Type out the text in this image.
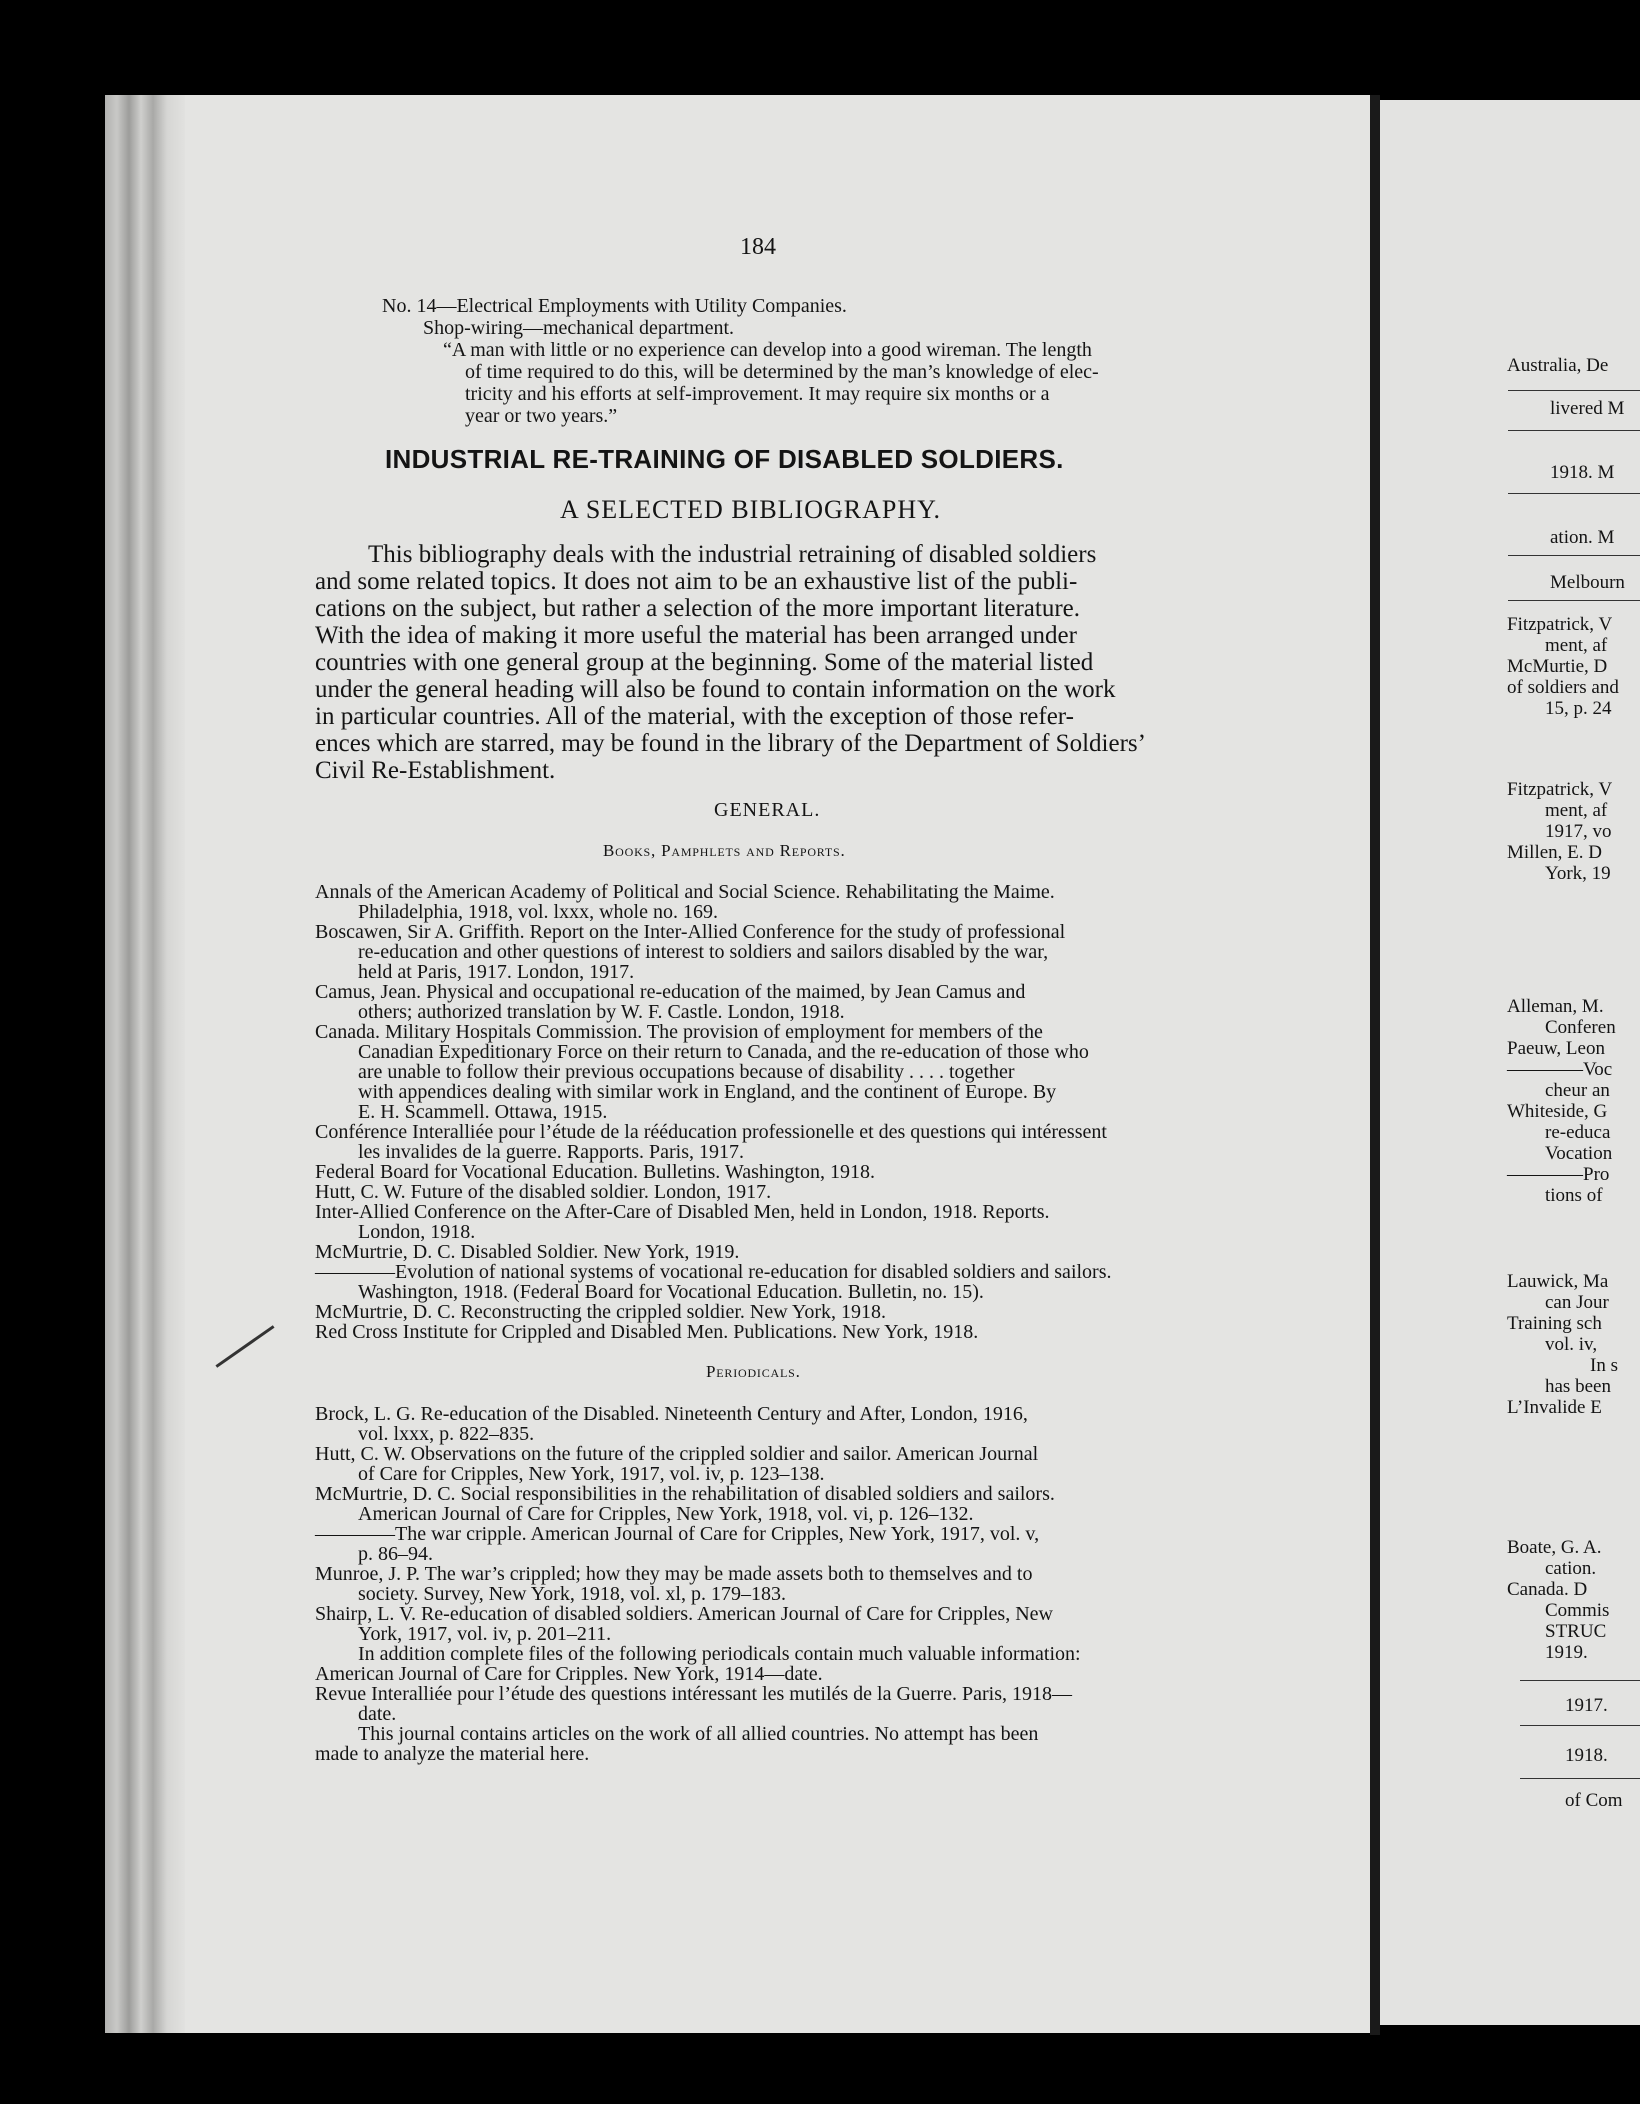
184
No. 14—Electrical Employments with Utility Companies.
Shop-wiring—mechanical department.
“A man with little or no experience can develop into a good wireman. The length
of time required to do this, will be determined by the man’s knowledge of elec-
tricity and his efforts at self-improvement. It may require six months or a
year or two years.”
INDUSTRIAL RE-TRAINING OF DISABLED SOLDIERS.
A SELECTED BIBLIOGRAPHY.
This bibliography deals with the industrial retraining of disabled soldiers
and some related topics. It does not aim to be an exhaustive list of the publi-
cations on the subject, but rather a selection of the more important literature.
With the idea of making it more useful the material has been arranged under
countries with one general group at the beginning. Some of the material listed
under the general heading will also be found to contain information on the work
in particular countries. All of the material, with the exception of those refer-
ences which are starred, may be found in the library of the Department of Soldiers’
Civil Re-Establishment.
GENERAL.
Books, Pamphlets and Reports.
Annals of the American Academy of Political and Social Science. Rehabilitating the Maime.
Philadelphia, 1918, vol. lxxx, whole no. 169.
Boscawen, Sir A. Griffith. Report on the Inter-Allied Conference for the study of professional
re-education and other questions of interest to soldiers and sailors disabled by the war,
held at Paris, 1917. London, 1917.
Camus, Jean. Physical and occupational re-education of the maimed, by Jean Camus and
others; authorized translation by W. F. Castle. London, 1918.
Canada. Military Hospitals Commission. The provision of employment for members of the
Canadian Expeditionary Force on their return to Canada, and the re-education of those who
are unable to follow their previous occupations because of disability . . . . together
with appendices dealing with similar work in England, and the continent of Europe. By
E. H. Scammell. Ottawa, 1915.
Conférence Interalliée pour l’étude de la rééducation professionelle et des questions qui intéressent
les invalides de la guerre. Rapports. Paris, 1917.
Federal Board for Vocational Education. Bulletins. Washington, 1918.
Hutt, C. W. Future of the disabled soldier. London, 1917.
Inter-Allied Conference on the After-Care of Disabled Men, held in London, 1918. Reports.
London, 1918.
McMurtrie, D. C. Disabled Soldier. New York, 1919.
————Evolution of national systems of vocational re-education for disabled soldiers and sailors.
Washington, 1918. (Federal Board for Vocational Education. Bulletin, no. 15).
McMurtrie, D. C. Reconstructing the crippled soldier. New York, 1918.
Red Cross Institute for Crippled and Disabled Men. Publications. New York, 1918.
Periodicals.
Brock, L. G. Re-education of the Disabled. Nineteenth Century and After, London, 1916,
vol. lxxx, p. 822–835.
Hutt, C. W. Observations on the future of the crippled soldier and sailor. American Journal
of Care for Cripples, New York, 1917, vol. iv, p. 123–138.
McMurtrie, D. C. Social responsibilities in the rehabilitation of disabled soldiers and sailors.
American Journal of Care for Cripples, New York, 1918, vol. vi, p. 126–132.
————The war cripple. American Journal of Care for Cripples, New York, 1917, vol. v,
p. 86–94.
Munroe, J. P. The war’s crippled; how they may be made assets both to themselves and to
society. Survey, New York, 1918, vol. xl, p. 179–183.
Shairp, L. V. Re-education of disabled soldiers. American Journal of Care for Cripples, New
York, 1917, vol. iv, p. 201–211.
In addition complete files of the following periodicals contain much valuable information:
American Journal of Care for Cripples. New York, 1914—date.
Revue Interalliée pour l’étude des questions intéressant les mutilés de la Guerre. Paris, 1918—
date.
This journal contains articles on the work of all allied countries. No attempt has been
made to analyze the material here.
Australia, De
livered M
1918. M
ation. M
Melbourn
Fitzpatrick, V
ment, af
McMurtie, D
of soldiers and
15, p. 24
Fitzpatrick, V
ment, af
1917, vo
Millen, E. D
York, 19
Alleman, M.
Conferen
Paeuw, Leon
————Voc
cheur an
Whiteside, G
re-educa
Vocation
————Pro
tions of
Lauwick, Ma
can Jour
Training sch
vol. iv,
In s
has been
L’Invalide E
Boate, G. A.
cation.
Canada. D
Commis
STRUC
1919.
1917.
1918.
of Com
